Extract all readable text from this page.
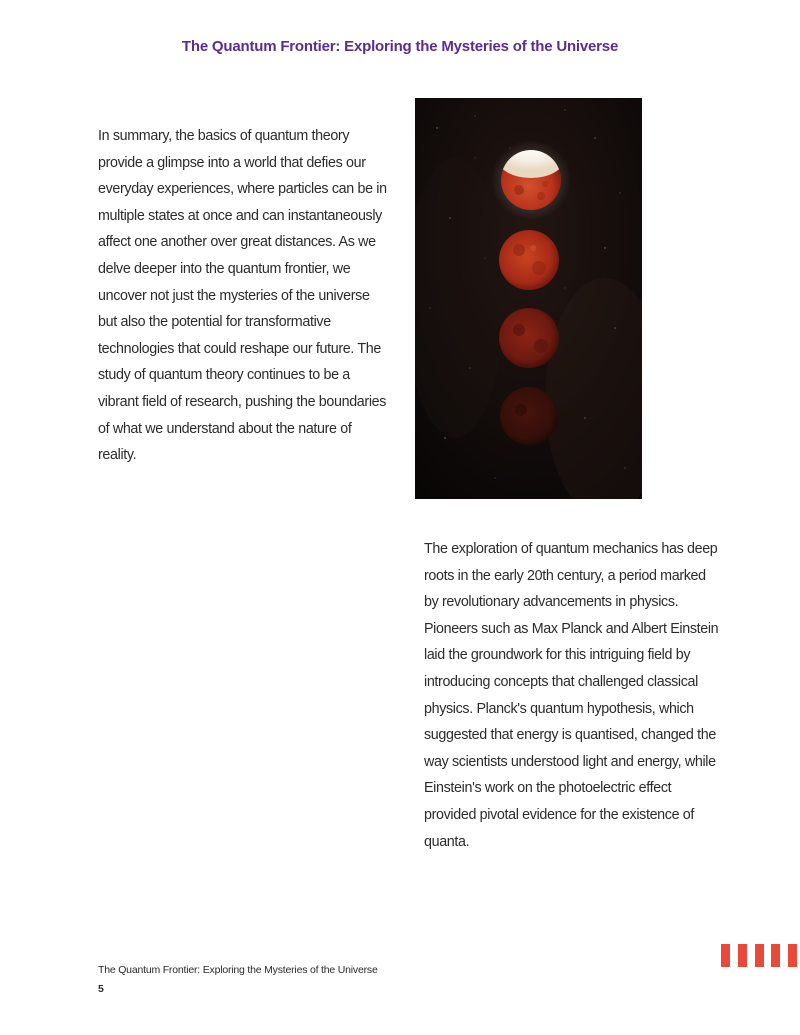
The Quantum Frontier: Exploring the Mysteries of the Universe

In summary, the basics of quantum theory provide a glimpse into a world that defies our everyday experiences, where particles can be in multiple states at once and can instantaneously affect one another over great distances. As we delve deeper into the quantum frontier, we uncover not just the mysteries of the universe but also the potential for transformative technologies that could reshape our future. The study of quantum theory continues to be a vibrant field of research, pushing the boundaries of what we understand about the nature of reality.

The exploration of quantum mechanics has deep roots in the early 20th century, a period marked by revolutionary advancements in physics. Pioneers such as Max Planck and Albert Einstein laid the groundwork for this intriguing field by introducing concepts that challenged classical physics. Planck's quantum hypothesis, which suggested that energy is quantised, changed the way scientists understood light and energy, while Einstein's work on the photoelectric effect provided pivotal evidence for the existence of quanta.

The Quantum Frontier: Exploring the Mysteries of the Universe
5
